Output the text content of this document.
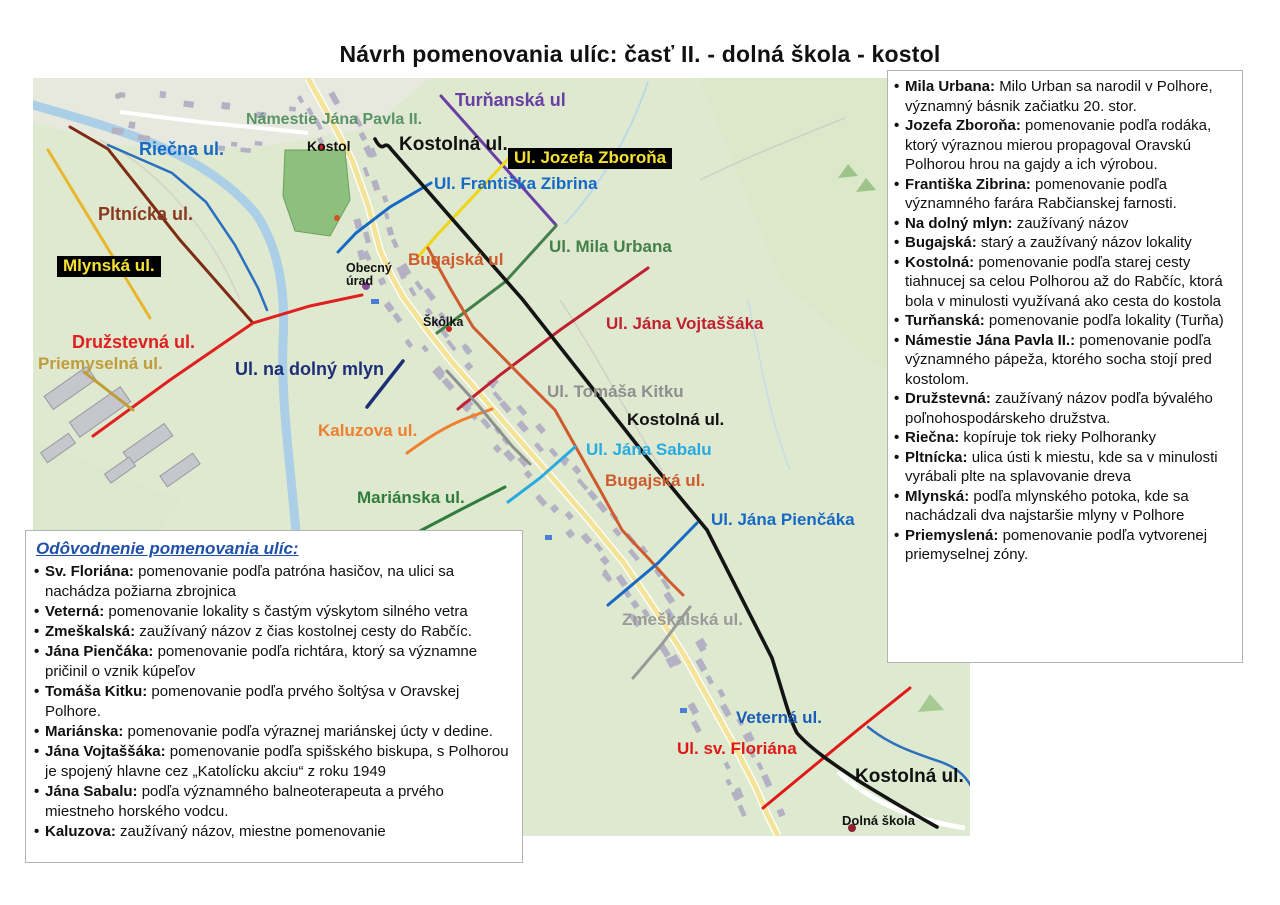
Návrh pomenovania ulíc: časť II. - dolná škola - kostol
Turňanská ul
Námestie Jána Pavla II.
Riečna ul.	Kostol	Kostolná ul.
Ul. Jozefa Zboroňa
Ul. Františka Zibrina
Pltnícka ul.
Mlynská ul.
Ul. Mila Urbana
Bugajská ul
Obecný úrad
Škôlka	Ul. Jána Vojtaššáka
Družstevná ul.
Priemyselná ul.	Ul. na dolný mlyn
Kaluzova ul.
Ul. Tomáša Kitku
Kostolná ul.
Ul. Jána Sabalu
Bugajská ul.
Mariánska ul.
Ul. Jána Pienčáka
Zmeškalská ul.
Veterná ul.
Ul. sv. Floriána
Kostolná ul.
Dolná škola
Odôvodnenie pomenovania ulíc:
• Sv. Floriána: pomenovanie podľa patróna hasičov, na ulici sa nachádza požiarna zbrojnica
• Veterná: pomenovanie lokality s častým výskytom silného vetra
• Zmeškalská: zaužívaný názov z čias kostolnej cesty do Rabčíc.
• Jána Pienčáka: pomenovanie podľa richtára, ktorý sa významne pričinil o vznik kúpeľov
• Tomáša Kitku: pomenovanie podľa prvého šoltýsa v Oravskej Polhore.
• Mariánska: pomenovanie podľa výraznej mariánskej úcty v dedine.
• Jána Vojtaššáka: pomenovanie podľa spišského biskupa, s Polhorou je spojený hlavne cez „Katolícku akciu“ z roku 1949
• Jána Sabalu: podľa významného balneoterapeuta a prvého miestneho horského vodcu.
• Kaluzova: zaužívaný názov, miestne pomenovanie
• Mila Urbana: Milo Urban sa narodil v Polhore, významný básnik začiatku 20. stor.
• Jozefa Zboroňa: pomenovanie podľa rodáka, ktorý výraznou mierou propagoval Oravskú Polhorou hrou na gajdy a ich výrobou.
• Františka Zibrina: pomenovanie podľa významného farára Rabčianskej farnosti.
• Na dolný mlyn: zaužívaný názov
• Bugajská: starý a zaužívaný názov lokality
• Kostolná: pomenovanie podľa starej cesty tiahnucej sa celou Polhorou až do Rabčíc, ktorá bola v minulosti využívaná ako cesta do kostola
• Turňanská: pomenovanie podľa lokality (Turňa)
• Námestie Jána Pavla II.: pomenovanie podľa významného pápeža, ktorého socha stojí pred kostolom.
• Družstevná: zaužívaný názov podľa bývalého poľnohospodárskeho družstva.
• Riečna: kopíruje tok rieky Polhoranky
• Pltnícka: ulica ústi k miestu, kde sa v minulosti vyrábali plte na splavovanie dreva
• Mlynská: podľa mlynského potoka, kde sa nachádzali dva najstaršie mlyny v Polhore
• Priemyslená: pomenovanie podľa vytvorenej priemyselnej zóny.
